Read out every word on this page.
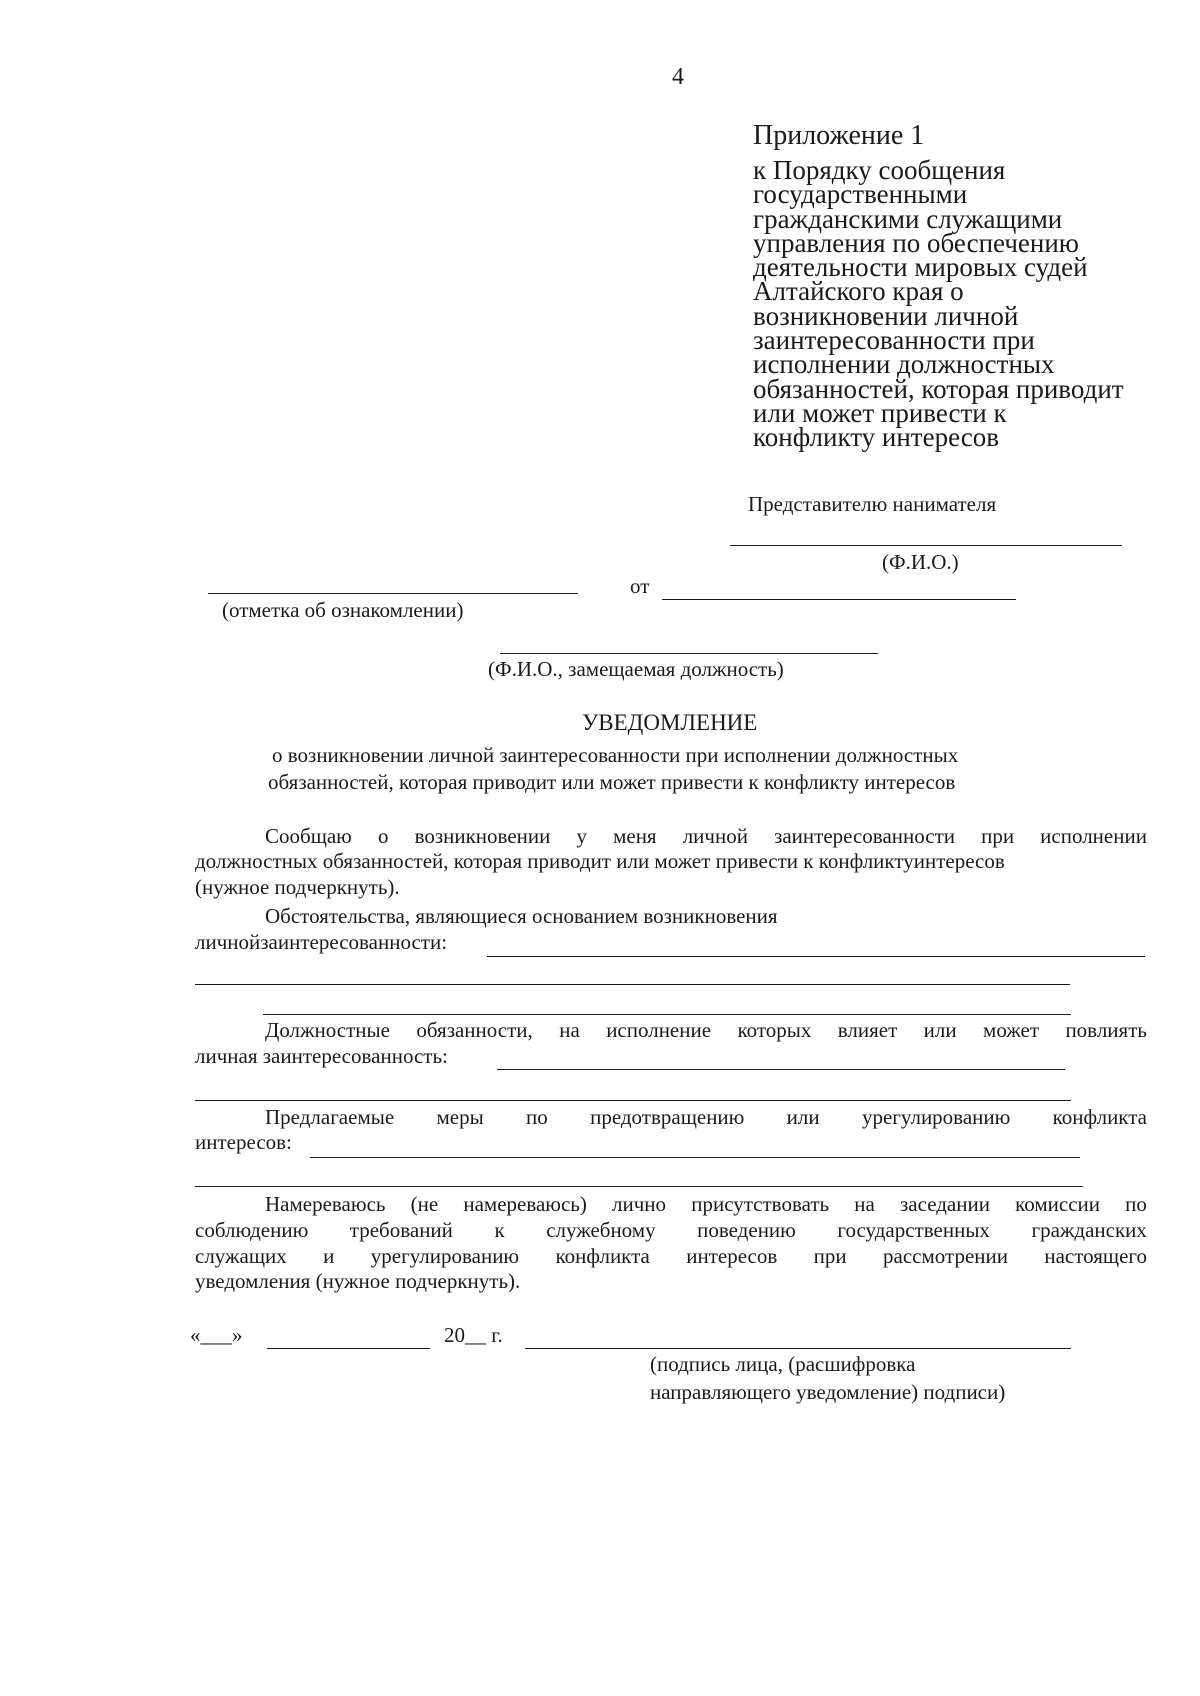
4
Приложение 1
к Порядку сообщения
государственными
гражданскими служащими
управления по обеспечению
деятельности мировых судей
Алтайского края о
возникновении личной
заинтересованности при
исполнении должностных
обязанностей, которая приводит
или может привести к
конфликту интересов
Представителю нанимателя
(Ф.И.О.)
(отметка об ознакомлении)
от
(Ф.И.О., замещаемая должность)
УВЕДОМЛЕНИЕ
о возникновении личной заинтересованности при исполнении должностных
обязанностей, которая приводит или может привести к конфликту интересов
Сообщаю о возникновении у меня личной заинтересованности при исполнении
должностных обязанностей, которая приводит или может привести к конфликтуинтересов
(нужное подчеркнуть).
Обстоятельства, являющиеся основанием возникновения
личнойзаинтересованности:
Должностные обязанности, на исполнение которых влияет или может повлиять
личная заинтересованность:
Предлагаемые меры по предотвращению или урегулированию конфликта
интересов:
Намереваюсь (не намереваюсь) лично присутствовать на заседании комиссии по
соблюдению требований к служебному поведению государственных гражданских
служащих и урегулированию конфликта интересов при рассмотрении настоящего
уведомления (нужное подчеркнуть).
«___»	20__ г.
(подпись лица, (расшифровка
направляющего уведомление) подписи)
